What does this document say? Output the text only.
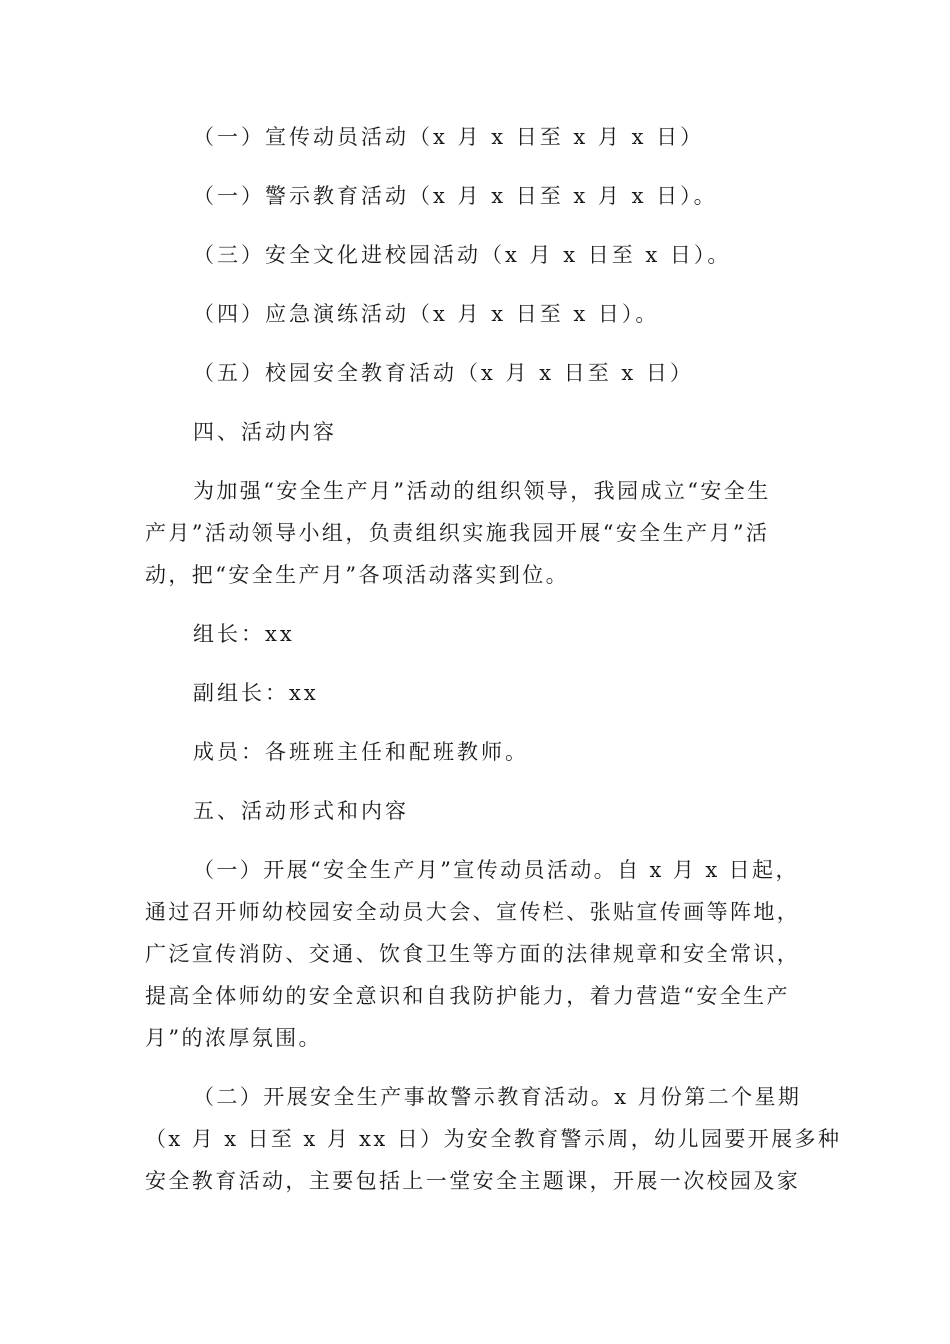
（一）宣传动员活动（x 月 x 日至 x 月 x 日）

（一）警示教育活动（x 月 x 日至 x 月 x 日）。

（三）安全文化进校园活动（x 月 x 日至 x 日）。

（四）应急演练活动（x 月 x 日至 x 日）。

（五）校园安全教育活动（x 月 x 日至 x 日）

四、活动内容

为加强“安全生产月”活动的组织领导，我园成立“安全生

产月”活动领导小组，负责组织实施我园开展“安全生产月”活

动，把“安全生产月”各项活动落实到位。

组长：xx

副组长：xx

成员：各班班主任和配班教师。

五、活动形式和内容

（一）开展“安全生产月”宣传动员活动。自 x 月 x 日起，

通过召开师幼校园安全动员大会、宣传栏、张贴宣传画等阵地，

广泛宣传消防、交通、饮食卫生等方面的法律规章和安全常识，

提高全体师幼的安全意识和自我防护能力，着力营造“安全生产

月”的浓厚氛围。

（二）开展安全生产事故警示教育活动。x 月份第二个星期

（x 月 x 日至 x 月 xx 日）为安全教育警示周，幼儿园要开展多种

安全教育活动，主要包括上一堂安全主题课，开展一次校园及家
